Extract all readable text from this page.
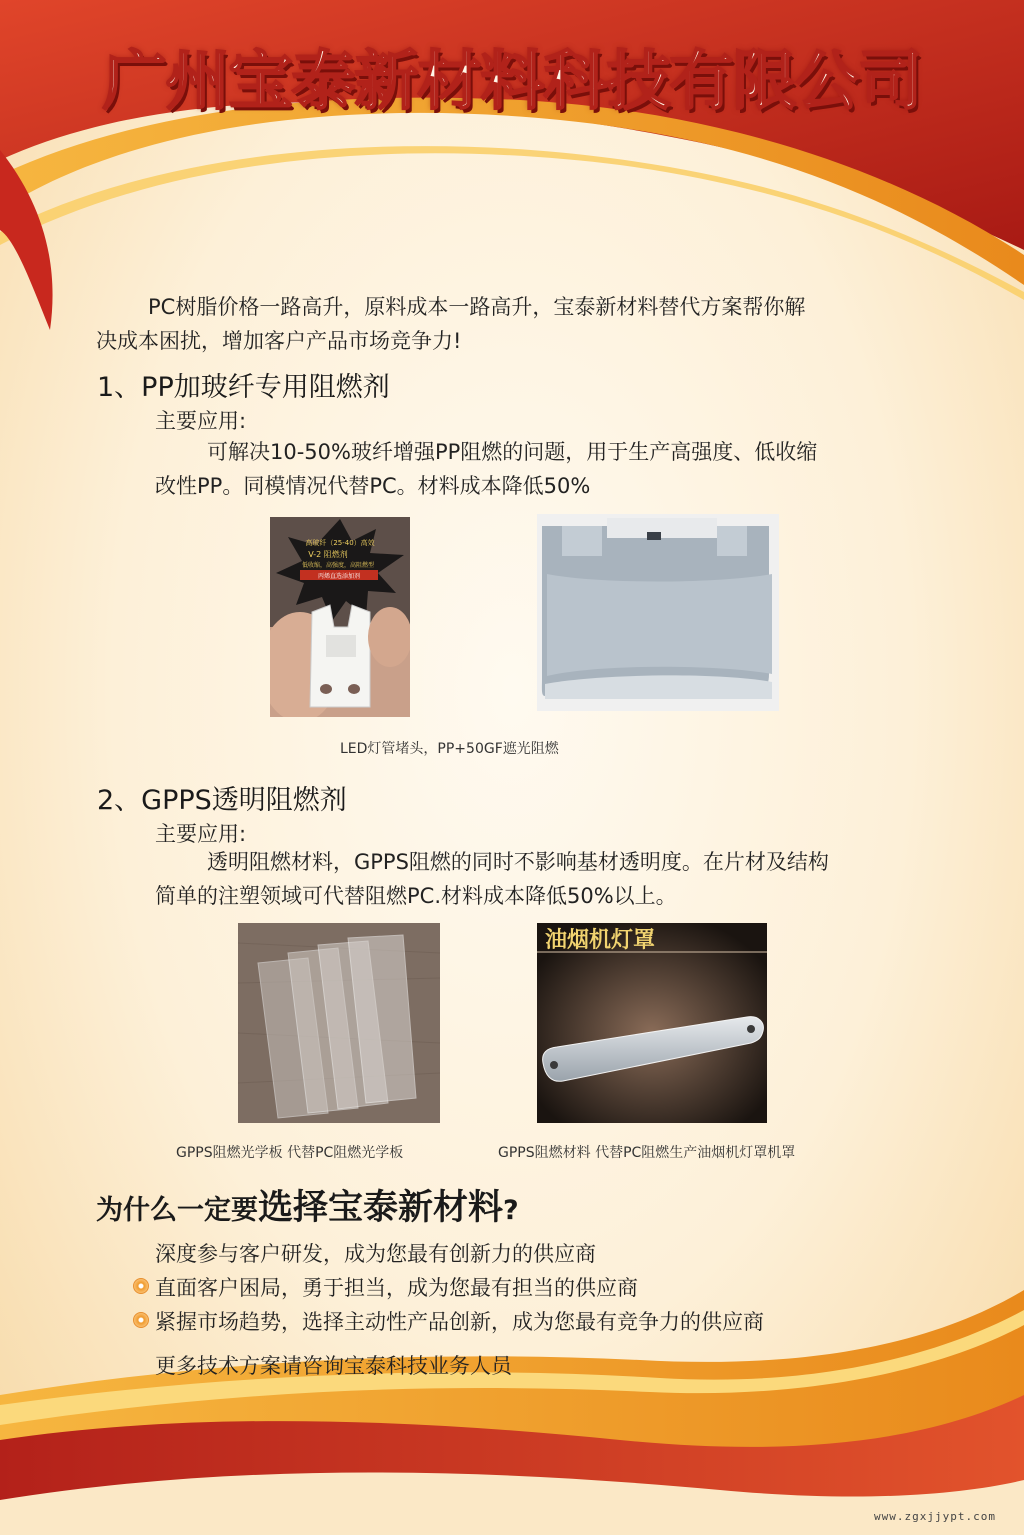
广州宝泰新材料科技有限公司
PC树脂价格一路高升，原料成本一路高升，宝泰新材料替代方案帮你解
决成本困扰，增加客户产品市场竞争力!
1、PP加玻纤专用阻燃剂
主要应用:
可解决10-50%玻纤增强PP阻燃的问题，用于生产高强度、低收缩
改性PP。同模情况代替PC。材料成本降低50%
高玻纤（25-40）高效
V-2 阻燃剂
低收缩，高强度，高阻燃型
丙烯直选添加剂
LED灯管堵头，PP+50GF遮光阻燃
2、GPPS透明阻燃剂
主要应用:
透明阻燃材料，GPPS阻燃的同时不影响基材透明度。在片材及结构
简单的注塑领域可代替阻燃PC.材料成本降低50%以上。
油烟机灯罩
GPPS阻燃光学板 代替PC阻燃光学板	GPPS阻燃材料 代替PC阻燃生产油烟机灯罩机罩
为什么一定要选择宝泰新材料?
深度参与客户研发，成为您最有创新力的供应商
直面客户困局，勇于担当，成为您最有担当的供应商
紧握市场趋势，选择主动性产品创新，成为您最有竞争力的供应商
更多技术方案请咨询宝泰科技业务人员
www.zgxjjypt.com
